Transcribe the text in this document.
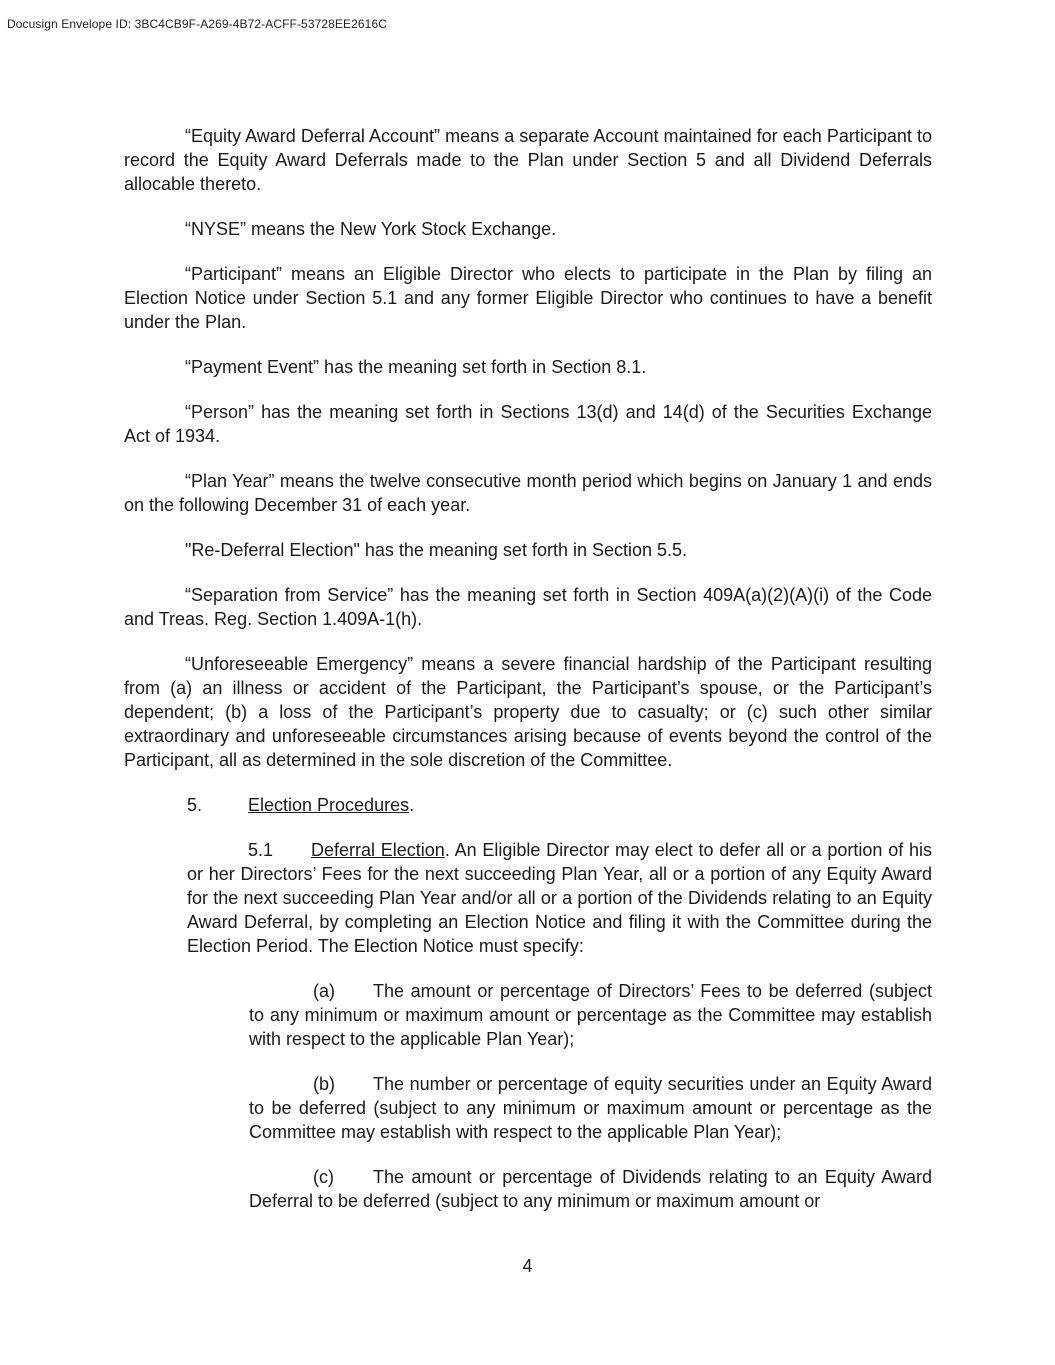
Docusign Envelope ID: 3BC4CB9F-A269-4B72-ACFF-53728EE2616C

“Equity Award Deferral Account” means a separate Account maintained for each Participant to record the Equity Award Deferrals made to the Plan under Section 5 and all Dividend Deferrals allocable thereto.

“NYSE” means the New York Stock Exchange.

“Participant” means an Eligible Director who elects to participate in the Plan by filing an Election Notice under Section 5.1 and any former Eligible Director who continues to have a benefit under the Plan.

“Payment Event” has the meaning set forth in Section 8.1.

“Person” has the meaning set forth in Sections 13(d) and 14(d) of the Securities Exchange Act of 1934.

“Plan Year” means the twelve consecutive month period which begins on January 1 and ends on the following December 31 of each year.

"Re-Deferral Election" has the meaning set forth in Section 5.5.

“Separation from Service” has the meaning set forth in Section 409A(a)(2)(A)(i) of the Code and Treas. Reg. Section 1.409A-1(h).

“Unforeseeable Emergency” means a severe financial hardship of the Participant resulting from (a) an illness or accident of the Participant, the Participant’s spouse, or the Participant’s dependent; (b) a loss of the Participant’s property due to casualty; or (c) such other similar extraordinary and unforeseeable circumstances arising because of events beyond the control of the Participant, all as determined in the sole discretion of the Committee.

5.	Election Procedures.

5.1 Deferral Election. An Eligible Director may elect to defer all or a portion of his or her Directors’ Fees for the next succeeding Plan Year, all or a portion of any Equity Award for the next succeeding Plan Year and/or all or a portion of the Dividends relating to an Equity Award Deferral, by completing an Election Notice and filing it with the Committee during the Election Period. The Election Notice must specify:

(a) The amount or percentage of Directors’ Fees to be deferred (subject to any minimum or maximum amount or percentage as the Committee may establish with respect to the applicable Plan Year);

(b) The number or percentage of equity securities under an Equity Award to be deferred (subject to any minimum or maximum amount or percentage as the Committee may establish with respect to the applicable Plan Year);

(c) The amount or percentage of Dividends relating to an Equity Award Deferral to be deferred (subject to any minimum or maximum amount or

4
